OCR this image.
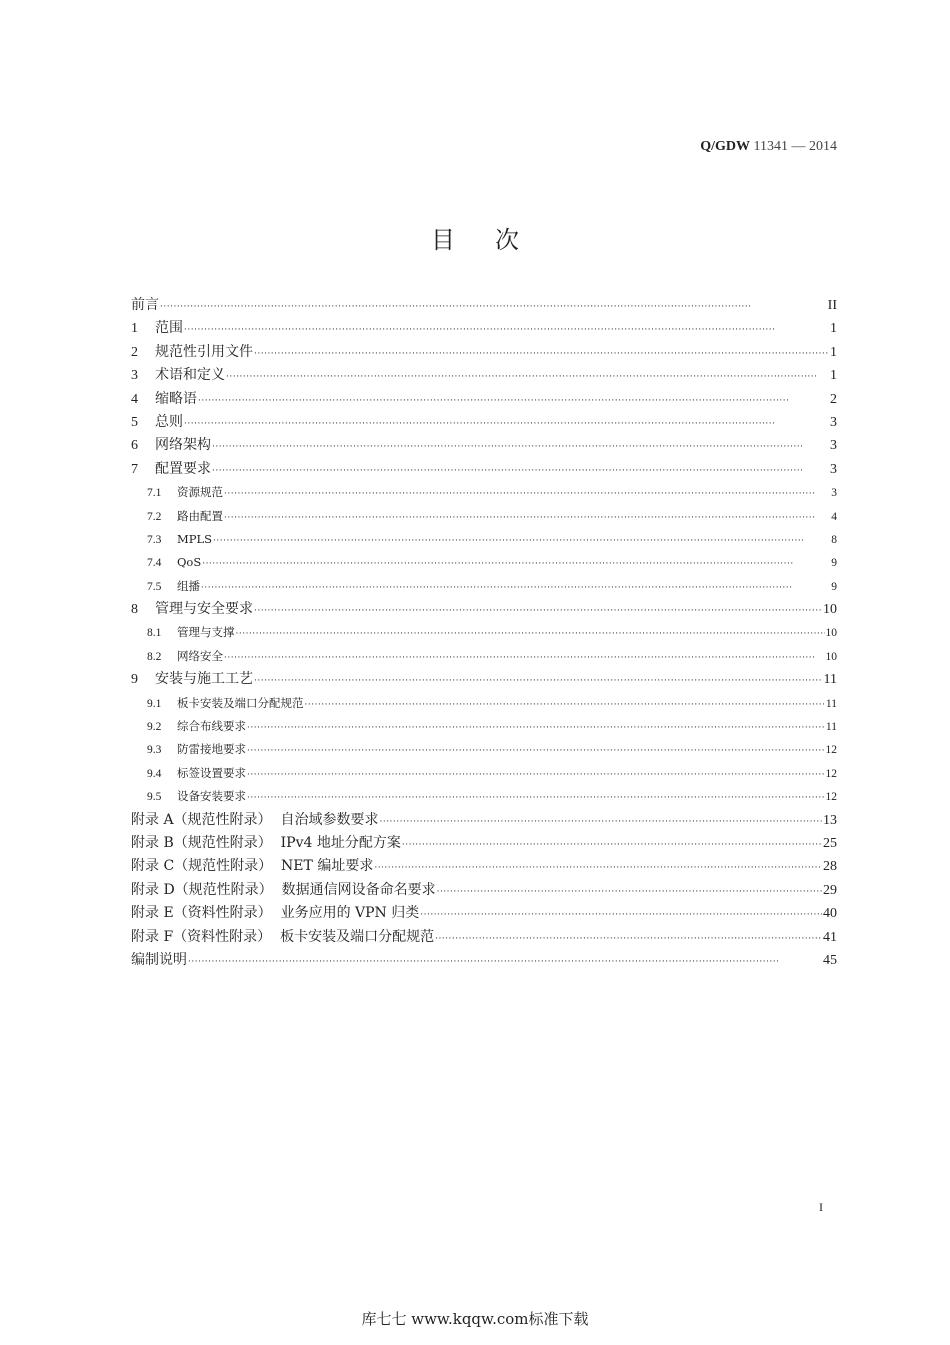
Q/GDW 11341 — 2014
目 次
前言 ·····	II
1	范围 ·····	1
2	规范性引用文件 ·····	1
3	术语和定义 ·····	1
4	缩略语 ·····	2
5	总则 ·····	3
6	网络架构 ·····	3
7	配置要求 ·····	3
7.1	资源规范 ·····	3
7.2	路由配置 ·····	4
7.3	MPLS ·····	8
7.4	QoS ·····	9
7.5	组播 ·····	9
8	管理与安全要求 ·····	10
8.1	管理与支撑 ·····	10
8.2	网络安全 ·····	10
9	安装与施工工艺 ·····	11
9.1	板卡安装及端口分配规范 ·····	11
9.2	综合布线要求 ·····	11
9.3	防雷接地要求 ·····	12
9.4	标签设置要求 ·····	12
9.5	设备安装要求 ·····	12
附录 A（规范性附录）  自治域参数要求 ·····	13
附录 B（规范性附录）  IPv4 地址分配方案 ·····	25
附录 C（规范性附录）  NET 编址要求 ·····	28
附录 D（规范性附录）  数据通信网设备命名要求 ·····	29
附录 E（资料性附录）  业务应用的 VPN 归类 ·····	40
附录 F（资料性附录）  板卡安装及端口分配规范 ·····	41
编制说明 ·····	45
I
库七七 www.kqqw.com标准下载
